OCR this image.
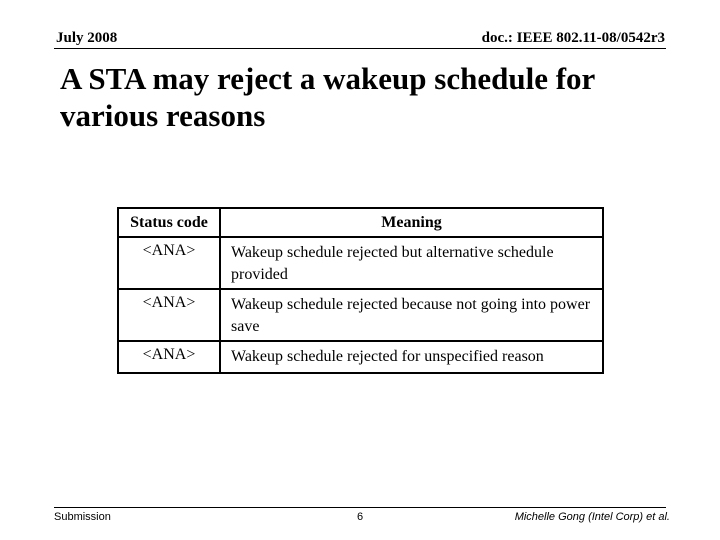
July 2008	doc.: IEEE 802.11-08/0542r3
A STA may reject a wakeup schedule for various reasons
Status code	Meaning
<ANA>	Wakeup schedule rejected but alternative schedule provided
<ANA>	Wakeup schedule rejected because not going into power save
<ANA>	Wakeup schedule rejected for unspecified reason
Submission	6	Michelle Gong (Intel Corp) et al.
